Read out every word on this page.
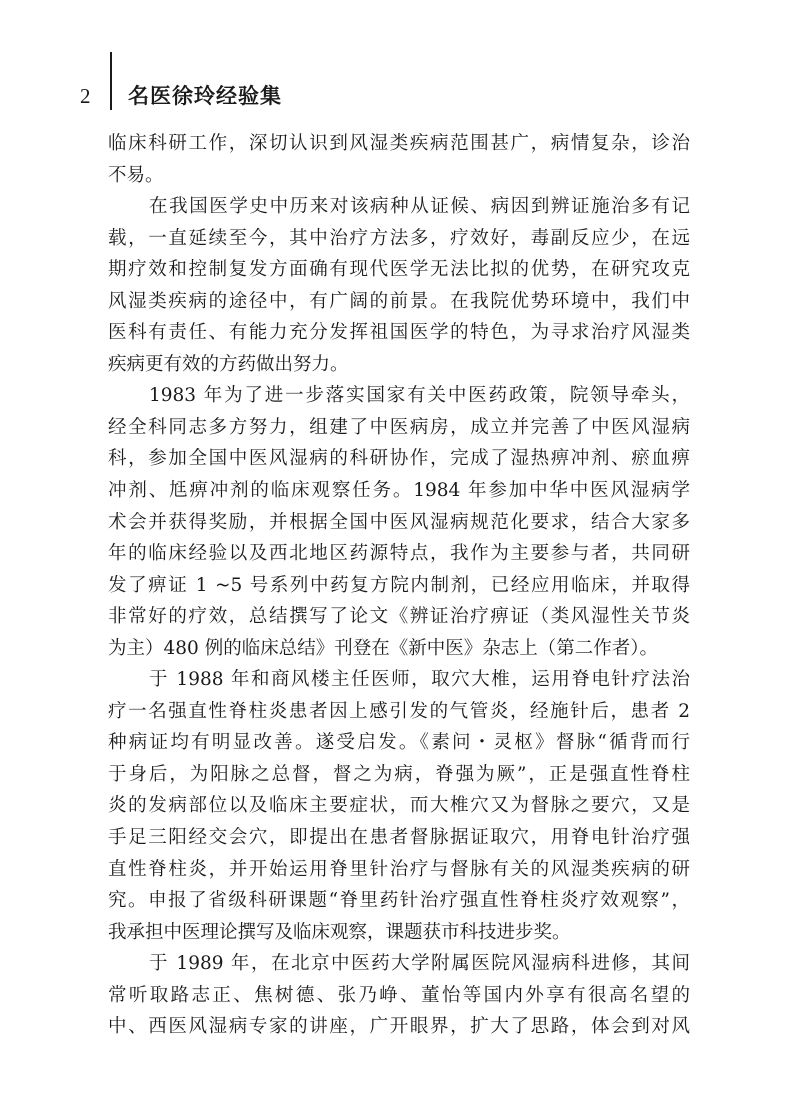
2 名医徐玲经验集
临床科研工作，深切认识到风湿类疾病范围甚广，病情复杂，诊治
不易。
在我国医学史中历来对该病种从证候、病因到辨证施治多有记
载，一直延续至今，其中治疗方法多，疗效好，毒副反应少，在远
期疗效和控制复发方面确有现代医学无法比拟的优势，在研究攻克
风湿类疾病的途径中，有广阔的前景。在我院优势环境中，我们中
医科有责任、有能力充分发挥祖国医学的特色，为寻求治疗风湿类
疾病更有效的方药做出努力。
1983 年为了进一步落实国家有关中医药政策，院领导牵头，
经全科同志多方努力，组建了中医病房，成立并完善了中医风湿病
科，参加全国中医风湿病的科研协作，完成了湿热痹冲剂、瘀血痹
冲剂、尪痹冲剂的临床观察任务。1984 年参加中华中医风湿病学
术会并获得奖励，并根据全国中医风湿病规范化要求，结合大家多
年的临床经验以及西北地区药源特点，我作为主要参与者，共同研
发了痹证 1 ~5 号系列中药复方院内制剂，已经应用临床，并取得
非常好的疗效，总结撰写了论文《辨证治疗痹证（类风湿性关节炎
为主）480 例的临床总结》刊登在《新中医》杂志上（第二作者）。
于 1988 年和商风楼主任医师，取穴大椎，运用脊电针疗法治
疗一名强直性脊柱炎患者因上感引发的气管炎，经施针后，患者 2
种病证均有明显改善。遂受启发。《素问・灵枢》督脉“循背而行
于身后，为阳脉之总督，督之为病，脊强为厥”，正是强直性脊柱
炎的发病部位以及临床主要症状，而大椎穴又为督脉之要穴，又是
手足三阳经交会穴，即提出在患者督脉据证取穴，用脊电针治疗强
直性脊柱炎，并开始运用脊里针治疗与督脉有关的风湿类疾病的研
究。申报了省级科研课题“脊里药针治疗强直性脊柱炎疗效观察”，
我承担中医理论撰写及临床观察，课题获市科技进步奖。
于 1989 年，在北京中医药大学附属医院风湿病科进修，其间
常听取路志正、焦树德、张乃峥、董怡等国内外享有很高名望的
中、西医风湿病专家的讲座，广开眼界，扩大了思路，体会到对风
